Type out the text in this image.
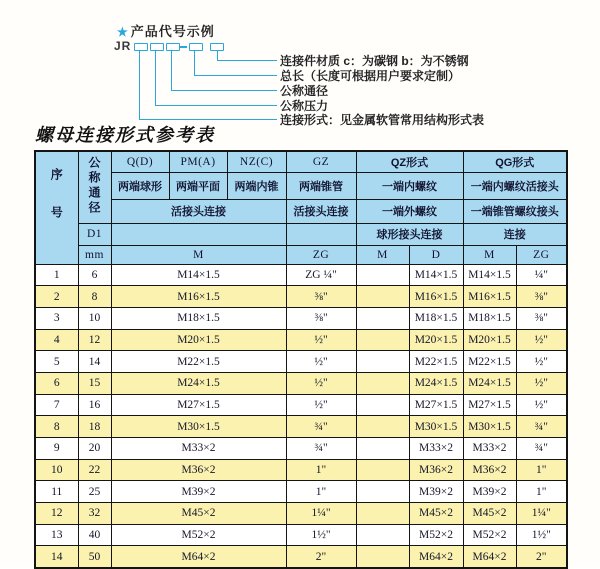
★ 产品代号示例
JR
连接件材质 c：为碳钢 b：为不锈钢
总长（长度可根据用户要求定制）
公称通径
公称压力
连接形式：见金属软管常用结构形式表
螺母连接形式参考表
序号	公称通径	Q(D)	PM(A)	NZ(C)	GZ	QZ形式		QG形式	
		两端球形	两端平面	两端内锥	两端锥管	一端内螺纹		一端内螺纹活接头	
		活接头连接			活接头连接	一端外螺纹		一端锥管螺纹接头	
	D1					球形接头连接		连接	
	mm	M			ZG	M	D	M	ZG
1	6	M14×1.5			ZG ¼"		M14×1.5	M14×1.5	¼"
2	8	M16×1.5			⅜"		M16×1.5	M16×1.5	⅜"
3	10	M18×1.5			⅜"		M18×1.5	M18×1.5	⅜"
4	12	M20×1.5			½"		M20×1.5	M20×1.5	½"
5	14	M22×1.5			½"		M22×1.5	M22×1.5	½"
6	15	M24×1.5			½"		M24×1.5	M24×1.5	½"
7	16	M27×1.5			½"		M27×1.5	M27×1.5	½"
8	18	M30×1.5			¾"		M30×1.5	M30×1.5	¾"
9	20	M33×2			¾"		M33×2	M33×2	¾"
10	22	M36×2			1"		M36×2	M36×2	1"
11	25	M39×2			1"		M39×2	M39×2	1"
12	32	M45×2			1¼"		M45×2	M45×2	1¼"
13	40	M52×2			1½"		M52×2	M52×2	1½"
14	50	M64×2			2"		M64×2	M64×2	2"
